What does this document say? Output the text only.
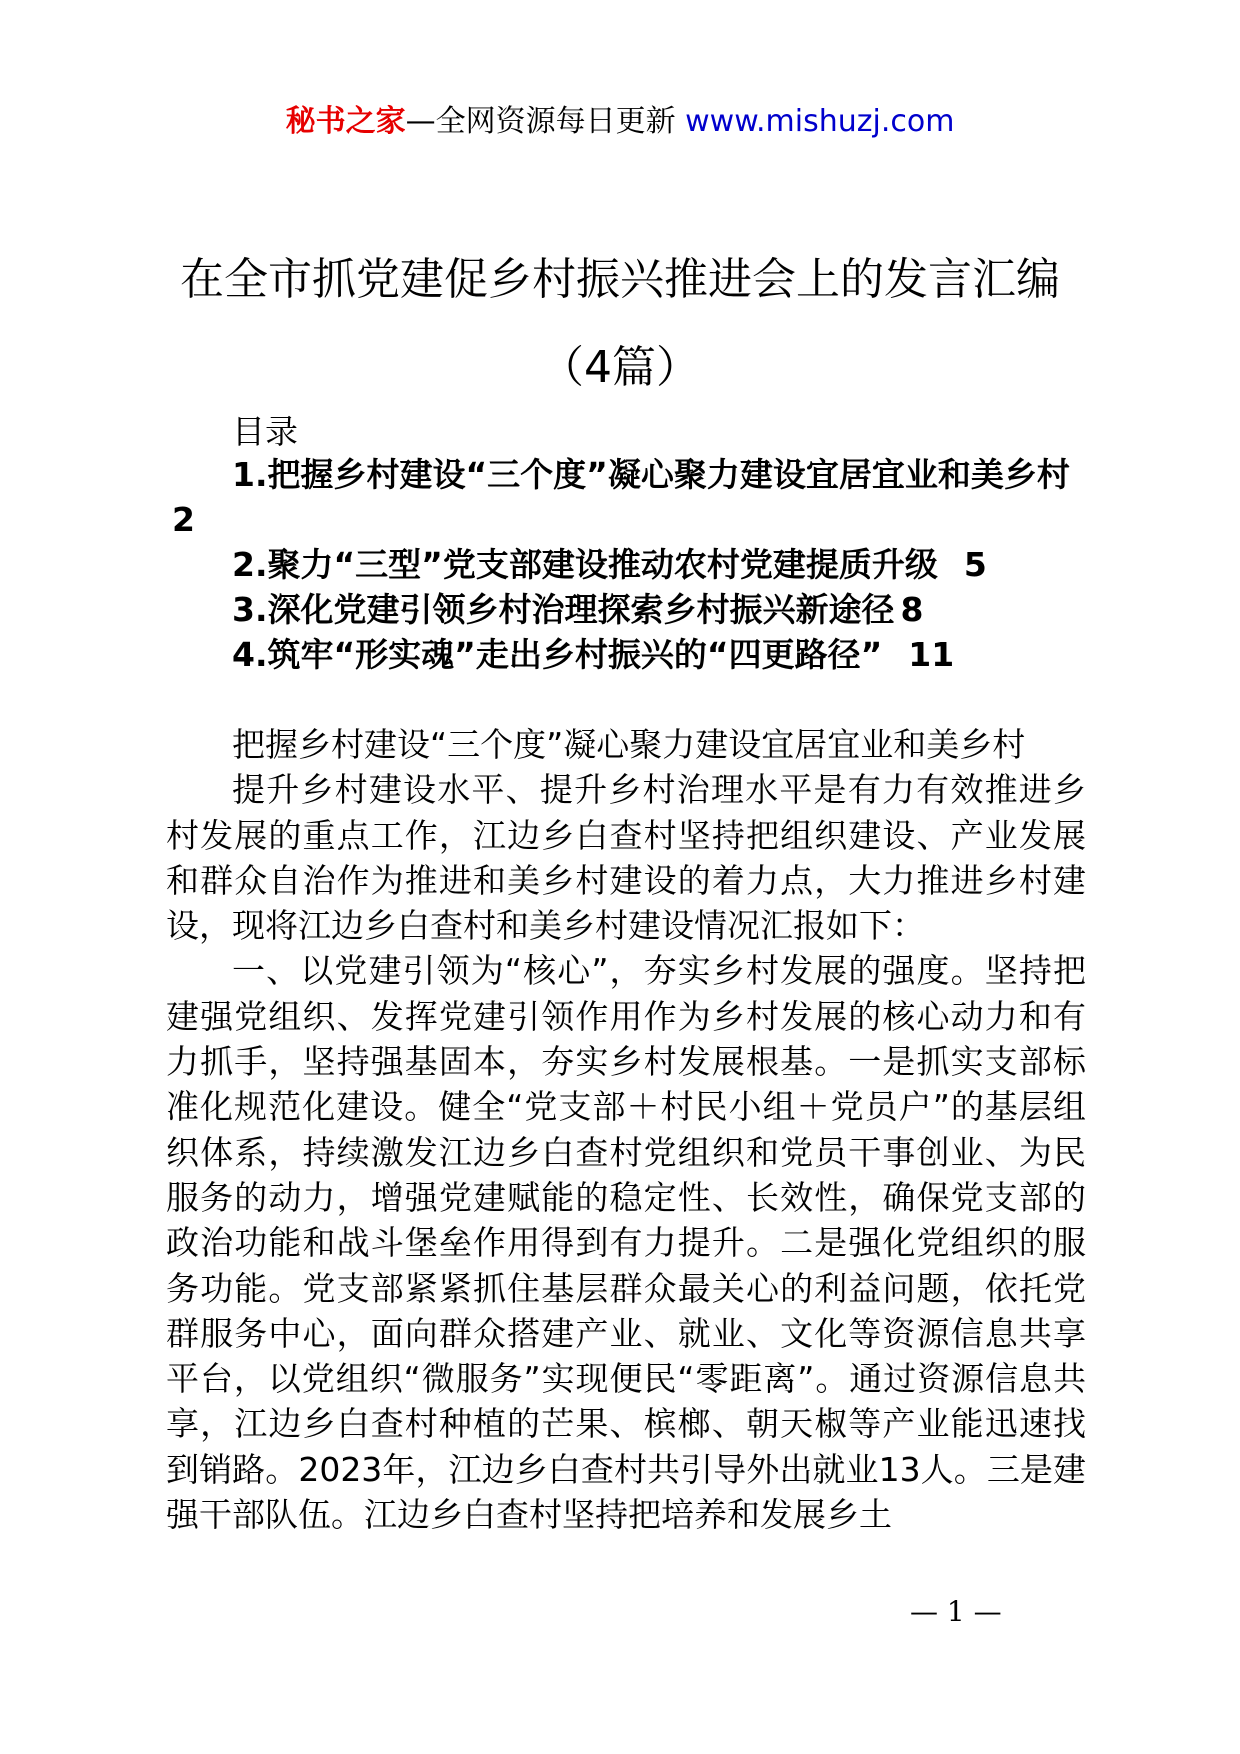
秘书之家—全网资源每日更新 www.mishuzj.com
在全市抓党建促乡村振兴推进会上的发言汇编（4篇）
目录
1.把握乡村建设“三个度”凝心聚力建设宜居宜业和美乡村2
2.聚力“三型”党支部建设推动农村党建提质升级 5
3.深化党建引领乡村治理探索乡村振兴新途径 8
4.筑牢“形实魂”走出乡村振兴的“四更路径” 11

把握乡村建设“三个度”凝心聚力建设宜居宜业和美乡村

提升乡村建设水平、提升乡村治理水平是有力有效推进乡村发展的重点工作，江边乡白查村坚持把组织建设、产业发展和群众自治作为推进和美乡村建设的着力点，大力推进乡村建设，现将江边乡白查村和美乡村建设情况汇报如下：

一、以党建引领为“核心”，夯实乡村发展的强度。坚持把建强党组织、发挥党建引领作用作为乡村发展的核心动力和有力抓手，坚持强基固本，夯实乡村发展根基。一是抓实支部标准化规范化建设。健全“党支部＋村民小组＋党员户”的基层组织体系，持续激发江边乡白查村党组织和党员干事创业、为民服务的动力，增强党建赋能的稳定性、长效性，确保党支部的政治功能和战斗堡垒作用得到有力提升。二是强化党组织的服务功能。党支部紧紧抓住基层群众最关心的利益问题，依托党群服务中心，面向群众搭建产业、就业、文化等资源信息共享平台，以党组织“微服务”实现便民“零距离”。通过资源信息共享，江边乡白查村种植的芒果、槟榔、朝天椒等产业能迅速找到销路。2023年，江边乡白查村共引导外出就业13人。三是建强干部队伍。江边乡白查村坚持把培养和发展乡土

— 1 —
